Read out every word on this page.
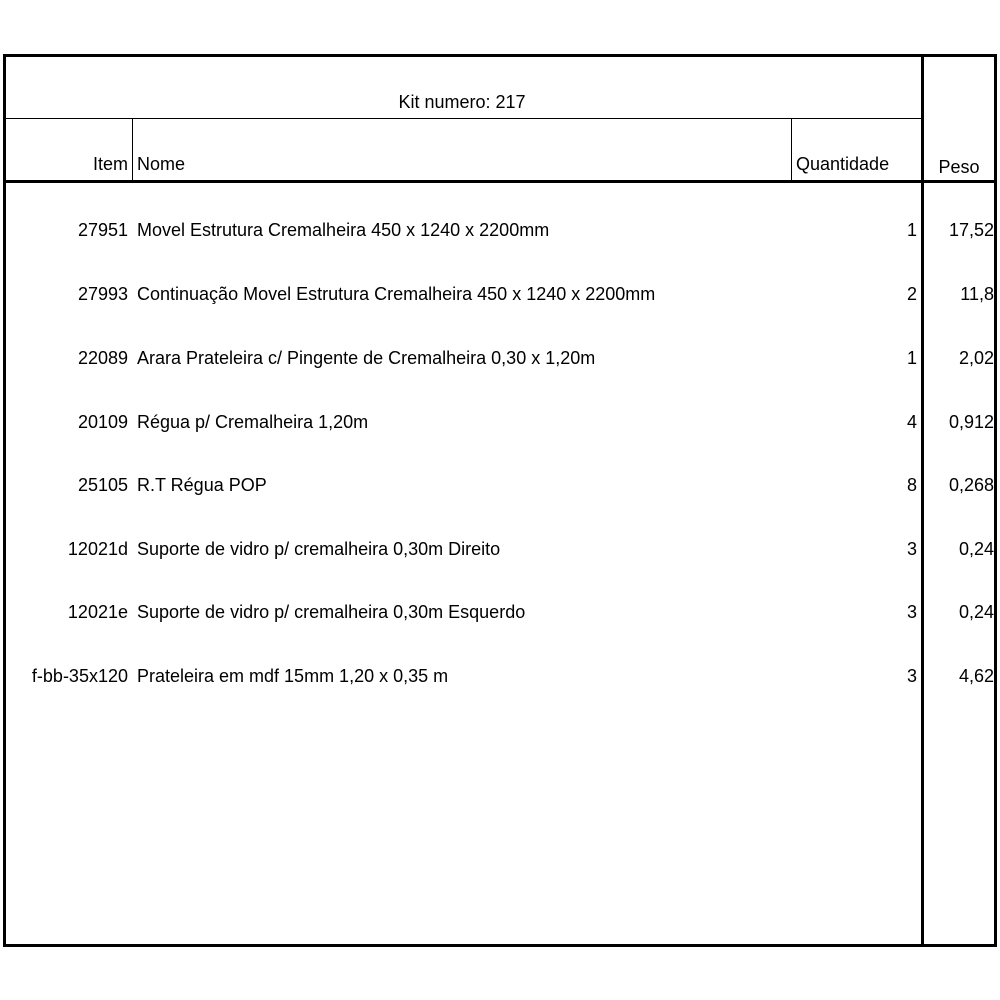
Kit numero: 217
Item Nome	Quantidade	Peso
27951 Movel Estrutura Cremalheira 450 x 1240 x 2200mm	1	17,52
27993 Continuação Movel Estrutura Cremalheira 450 x 1240 x 2200mm	2	11,8
22089 Arara Prateleira c/ Pingente de Cremalheira 0,30 x 1,20m	1	2,02
20109 Régua p/ Cremalheira 1,20m	4	0,912
25105 R.T Régua POP	8	0,268
12021d Suporte de vidro p/ cremalheira 0,30m Direito	3	0,24
12021e Suporte de vidro p/ cremalheira 0,30m Esquerdo	3	0,24
f-bb-35x120 Prateleira em mdf 15mm 1,20 x 0,35 m	3	4,62
